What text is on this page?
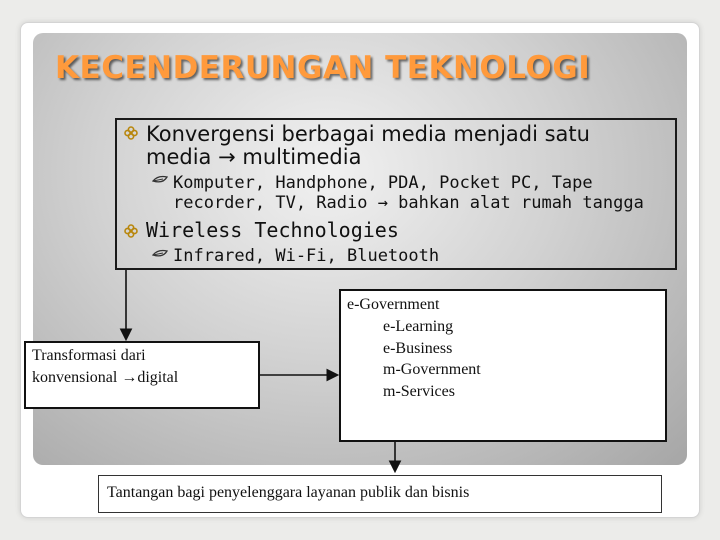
KECENDERUNGAN TEKNOLOGI
Konvergensi berbagai media menjadi satu
media → multimedia
Komputer, Handphone, PDA, Pocket PC, Tape
recorder, TV, Radio → bahkan alat rumah tangga
Wireless Technologies
Infrared, Wi-Fi, Bluetooth
Transformasi dari
konvensional →digital
e-Government
e-Learning
e-Business
m-Government
m-Services
Tantangan bagi penyelenggara layanan publik dan bisnis
